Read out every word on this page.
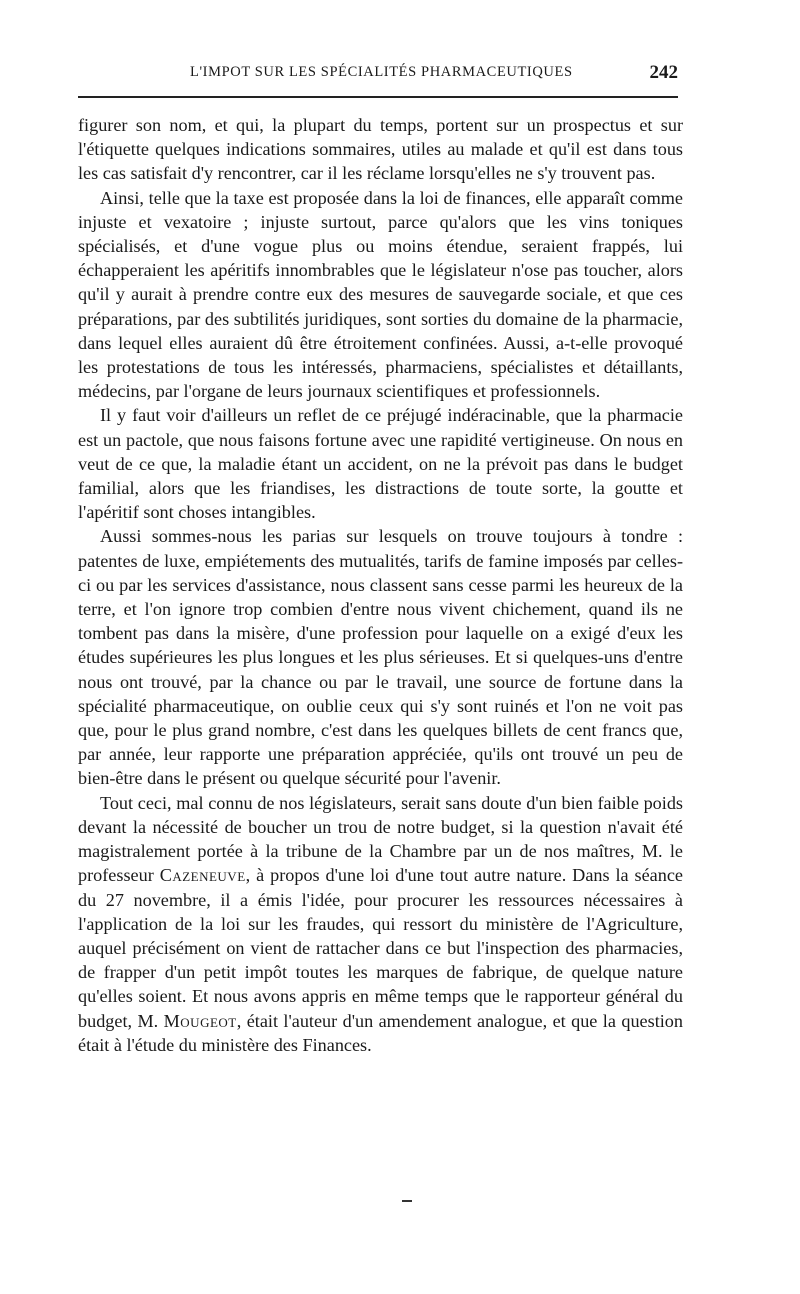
L'IMPOT SUR LES SPÉCIALITÉS PHARMACEUTIQUES	242

figurer son nom, et qui, la plupart du temps, portent sur un prospectus et sur l'étiquette quelques indications sommaires, utiles au malade et qu'il est dans tous les cas satisfait d'y rencontrer, car il les réclame lorsqu'elles ne s'y trouvent pas.

Ainsi, telle que la taxe est proposée dans la loi de finances, elle apparaît comme injuste et vexatoire ; injuste surtout, parce qu'alors que les vins toniques spécialisés, et d'une vogue plus ou moins étendue, seraient frappés, lui échapperaient les apéritifs innombrables que le législateur n'ose pas toucher, alors qu'il y aurait à prendre contre eux des mesures de sauvegarde sociale, et que ces préparations, par des subtilités juridiques, sont sorties du domaine de la pharmacie, dans lequel elles auraient dû être étroitement confinées. Aussi, a-t-elle provoqué les protestations de tous les intéressés, pharmaciens, spécialistes et détaillants, médecins, par l'organe de leurs journaux scientifiques et professionnels.

Il y faut voir d'ailleurs un reflet de ce préjugé indéracinable, que la pharmacie est un pactole, que nous faisons fortune avec une rapidité vertigineuse. On nous en veut de ce que, la maladie étant un accident, on ne la prévoit pas dans le budget familial, alors que les friandises, les distractions de toute sorte, la goutte et l'apéritif sont choses intangibles.

Aussi sommes-nous les parias sur lesquels on trouve toujours à tondre : patentes de luxe, empiétements des mutualités, tarifs de famine imposés par celles-ci ou par les services d'assistance, nous classent sans cesse parmi les heureux de la terre, et l'on ignore trop combien d'entre nous vivent chichement, quand ils ne tombent pas dans la misère, d'une profession pour laquelle on a exigé d'eux les études supérieures les plus longues et les plus sérieuses. Et si quelques-uns d'entre nous ont trouvé, par la chance ou par le travail, une source de fortune dans la spécialité pharmaceutique, on oublie ceux qui s'y sont ruinés et l'on ne voit pas que, pour le plus grand nombre, c'est dans les quelques billets de cent francs que, par année, leur rapporte une préparation appréciée, qu'ils ont trouvé un peu de bien-être dans le présent ou quelque sécurité pour l'avenir.

Tout ceci, mal connu de nos législateurs, serait sans doute d'un bien faible poids devant la nécessité de boucher un trou de notre budget, si la question n'avait été magistralement portée à la tribune de la Chambre par un de nos maîtres, M. le professeur Cazeneuve, à propos d'une loi d'une tout autre nature. Dans la séance du 27 novembre, il a émis l'idée, pour procurer les ressources nécessaires à l'application de la loi sur les fraudes, qui ressort du ministère de l'Agriculture, auquel précisément on vient de rattacher dans ce but l'inspection des pharmacies, de frapper d'un petit impôt toutes les marques de fabrique, de quelque nature qu'elles soient. Et nous avons appris en même temps que le rapporteur général du budget, M. Mougeot, était l'auteur d'un amendement analogue, et que la question était à l'étude du ministère des Finances.
